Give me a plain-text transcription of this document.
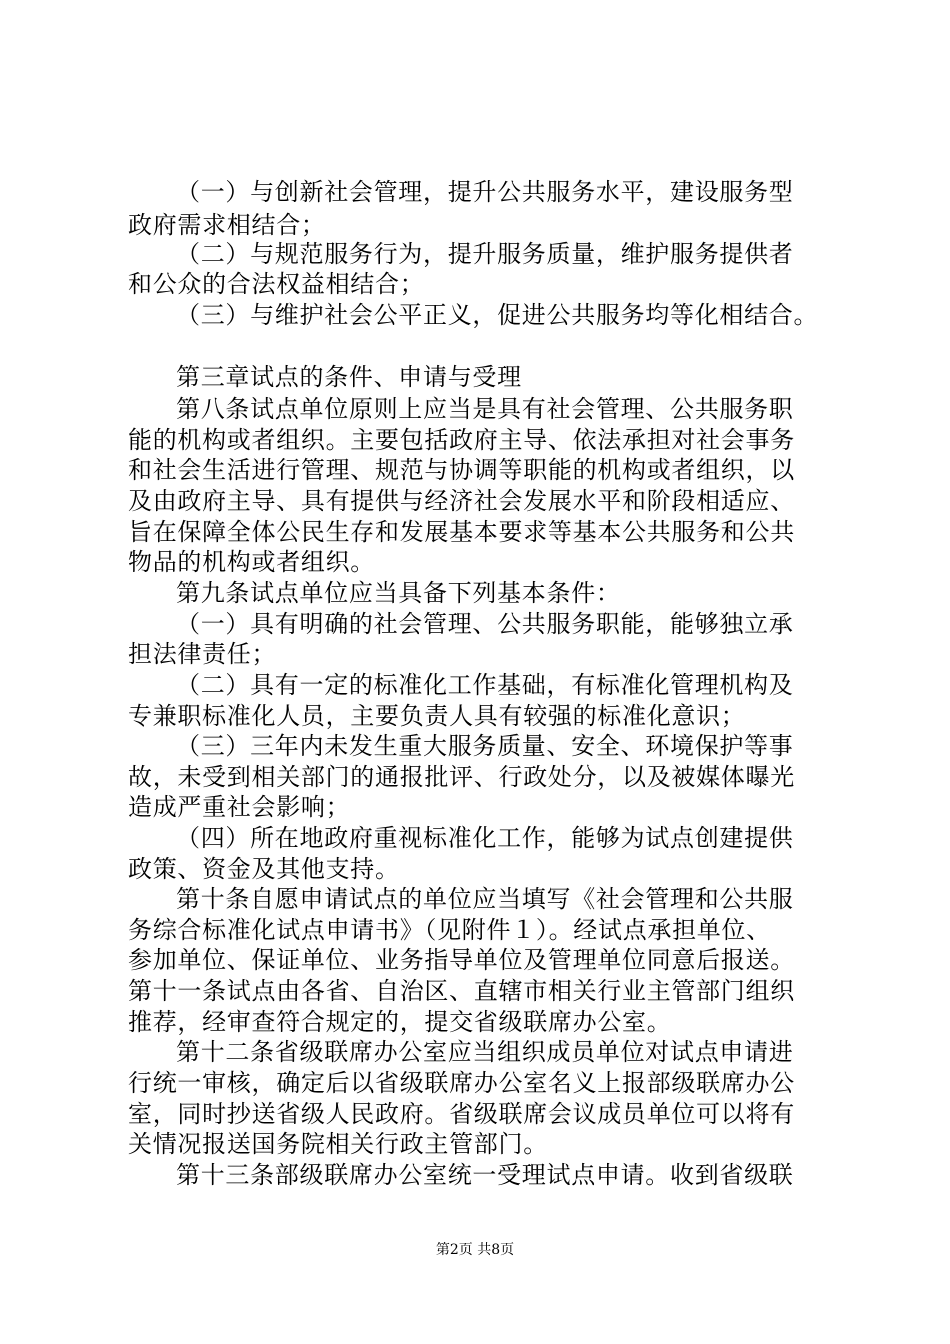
（一）与创新社会管理，提升公共服务水平，建设服务型
政府需求相结合；
（二）与规范服务行为，提升服务质量，维护服务提供者
和公众的合法权益相结合；
（三）与维护社会公平正义，促进公共服务均等化相结合。
第三章试点的条件、申请与受理
第八条试点单位原则上应当是具有社会管理、公共服务职
能的机构或者组织。主要包括政府主导、依法承担对社会事务
和社会生活进行管理、规范与协调等职能的机构或者组织，以
及由政府主导、具有提供与经济社会发展水平和阶段相适应、
旨在保障全体公民生存和发展基本要求等基本公共服务和公共
物品的机构或者组织。
第九条试点单位应当具备下列基本条件：
（一）具有明确的社会管理、公共服务职能，能够独立承
担法律责任；
（二）具有一定的标准化工作基础，有标准化管理机构及
专兼职标准化人员，主要负责人具有较强的标准化意识；
（三）三年内未发生重大服务质量、安全、环境保护等事
故，未受到相关部门的通报批评、行政处分，以及被媒体曝光
造成严重社会影响；
（四）所在地政府重视标准化工作，能够为试点创建提供
政策、资金及其他支持。
第十条自愿申请试点的单位应当填写《社会管理和公共服
务综合标准化试点申请书》（见附件１）。经试点承担单位、
参加单位、保证单位、业务指导单位及管理单位同意后报送。
第十一条试点由各省、自治区、直辖市相关行业主管部门组织
推荐，经审查符合规定的，提交省级联席办公室。
第十二条省级联席办公室应当组织成员单位对试点申请进
行统一审核，确定后以省级联席办公室名义上报部级联席办公
室，同时抄送省级人民政府。省级联席会议成员单位可以将有
关情况报送国务院相关行政主管部门。
第十三条部级联席办公室统一受理试点申请。收到省级联
第2页 共8页
